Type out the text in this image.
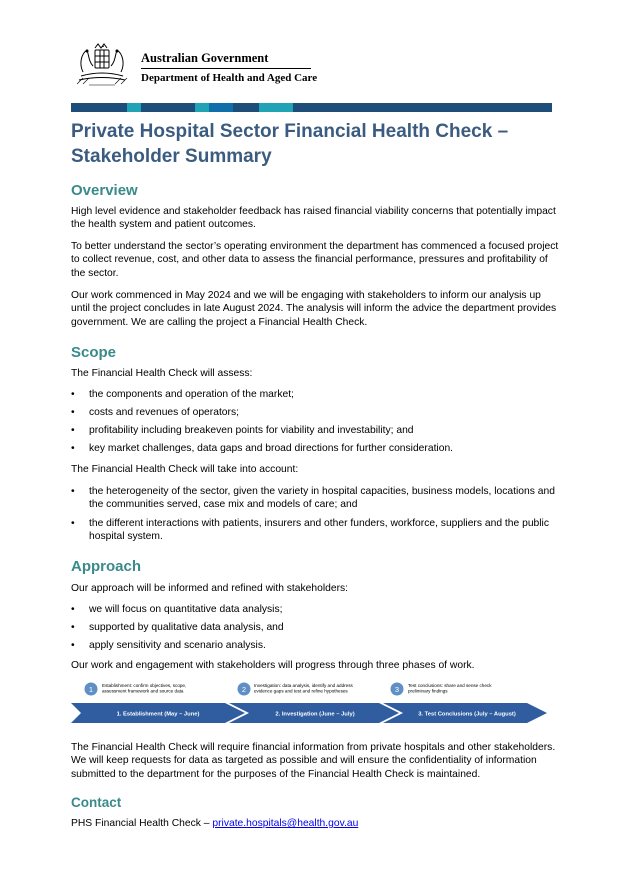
Australian Government
Department of Health and Aged Care
Private Hospital Sector Financial Health Check –
Stakeholder Summary
Overview

High level evidence and stakeholder feedback has raised financial viability concerns that potentially impact the health system and patient outcomes.

To better understand the sector’s operating environment the department has commenced a focused project to collect revenue, cost, and other data to assess the financial performance, pressures and profitability of the sector.

Our work commenced in May 2024 and we will be engaging with stakeholders to inform our analysis up until the project concludes in late August 2024. The analysis will inform the advice the department provides government. We are calling the project a Financial Health Check.

Scope

The Financial Health Check will assess:

• the components and operation of the market;
• costs and revenues of operators;
• profitability including breakeven points for viability and investability; and
• key market challenges, data gaps and broad directions for further consideration.

The Financial Health Check will take into account:

• the heterogeneity of the sector, given the variety in hospital capacities, business models, locations and the communities served, case mix and models of care; and
• the different interactions with patients, insurers and other funders, workforce, suppliers and the public hospital system.
Approach

Our approach will be informed and refined with stakeholders:

• we will focus on quantitative data analysis;
• supported by qualitative data analysis, and
• apply sensitivity and scenario analysis.

Our work and engagement with stakeholders will progress through three phases of work.

1 Establishment: confirm objectives, scope,
assessment framework and source data
1. Establishment (May – June)
2 Investigation: data analysis, identify and address
evidence gaps and test and refine hypotheses
2. Investigation (June – July)
3 Test conclusions: share and sense check
preliminary findings
3. Test Conclusions (July – August)

The Financial Health Check will require financial information from private hospitals and other stakeholders. We will keep requests for data as targeted as possible and will ensure the confidentiality of information submitted to the department for the purposes of the Financial Health Check is maintained.

Contact

PHS Financial Health Check – private.hospitals@health.gov.au
